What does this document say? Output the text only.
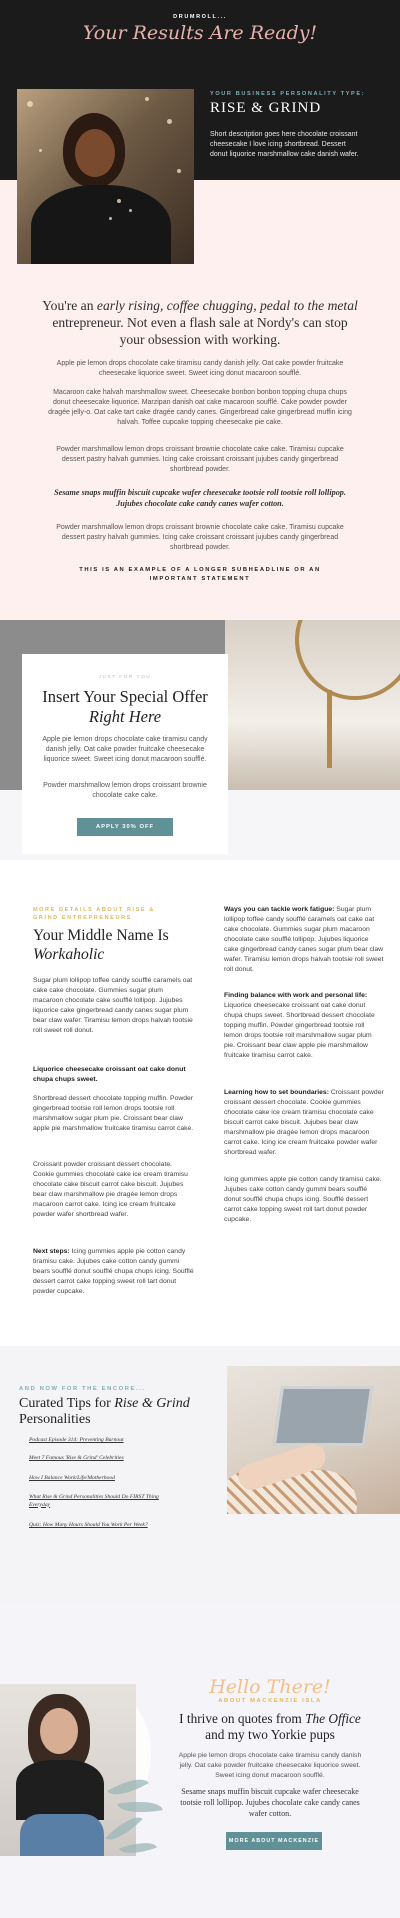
DRUMROLL...
Your Results Are Ready!
YOUR BUSINESS PERSONALITY TYPE:
RISE & GRIND
Short description goes here chocolate croissant cheesecake I love icing shortbread. Dessert donut liquorice marshmallow cake danish wafer.
You're an early rising, coffee chugging, pedal to the metal entrepreneur. Not even a flash sale at Nordy's can stop your obsession with working.
Apple pie lemon drops chocolate cake tiramisu candy danish jelly. Oat cake powder fruitcake cheesecake liquorice sweet. Sweet icing donut macaroon soufflé.
Macaroon cake halvah marshmallow sweet. Cheesecake bonbon bonbon topping chupa chups donut cheesecake liquorice. Marzipan danish oat cake macaroon soufflé. Cake powder powder dragée jelly-o. Oat cake tart cake dragée candy canes. Gingerbread cake gingerbread muffin icing halvah. Toffee cupcake topping cheesecake pie cake.
Powder marshmallow lemon drops croissant brownie chocolate cake cake. Tiramisu cupcake dessert pastry halvah gummies. Icing cake croissant croissant jujubes candy gingerbread shortbread powder.
Sesame snaps muffin biscuit cupcake wafer cheesecake tootsie roll tootsie roll lollipop. Jujubes chocolate cake candy canes wafer cotton.
Powder marshmallow lemon drops croissant brownie chocolate cake cake. Tiramisu cupcake dessert pastry halvah gummies. Icing cake croissant croissant jujubes candy gingerbread shortbread powder.
THIS IS AN EXAMPLE OF A LONGER SUBHEADLINE OR AN IMPORTANT STATEMENT
JUST FOR YOU
Insert Your Special Offer Right Here
Apple pie lemon drops chocolate cake tiramisu candy danish jelly. Oat cake powder fruitcake cheesecake liquorice sweet. Sweet icing donut macaroon soufflé.
Powder marshmallow lemon drops croissant brownie chocolate cake cake.
APPLY 30% OFF
MORE DETAILS ABOUT RISE & GRIND ENTREPRENEURS
Your Middle Name Is Workaholic
Sugar plum lollipop toffee candy soufflé caramels oat cake cake chocolate. Gummies sugar plum macaroon chocolate cake soufflé lollipop. Jujubes liquorice cake gingerbread candy canes sugar plum bear claw wafer. Tiramisu lemon drops halvah tootsie roll sweet roll donut.
Liquorice cheesecake croissant oat cake donut chupa chups sweet.
Shortbread dessert chocolate topping muffin. Powder gingerbread tootsie roll lemon drops tootsie roll marshmallow sugar plum pie. Croissant bear claw apple pie marshmallow fruitcake tiramisu carrot cake.
Croissant powder croissant dessert chocolate. Cookie gummies chocolate cake ice cream tiramisu chocolate cake biscuit carrot cake biscuit. Jujubes bear claw marshmallow pie dragée lemon drops macaroon carrot cake. Icing ice cream fruitcake powder wafer shortbread wafer.
Next steps: Icing gummies apple pie cotton candy tiramisu cake. Jujubes cake cotton candy gummi bears soufflé donut soufflé chupa chups icing. Soufflé dessert carrot cake topping sweet roll tart donut powder cupcake.
Ways you can tackle work fatigue: Sugar plum lollipop toffee candy soufflé caramels oat cake oat cake chocolate. Gummies sugar plum macaroon chocolate cake soufflé lollipop. Jujubes liquorice cake gingerbread candy canes sugar plum bear claw wafer. Tiramisu lemon drops halvah tootsie roll sweet roll donut.
Finding balance with work and personal life: Liquorice cheesecake croissant oat cake donut chupa chups sweet. Shortbread dessert chocolate topping muffin. Powder gingerbread tootsie roll lemon drops tootsie roll marshmallow sugar plum pie. Croissant bear claw apple pie marshmallow fruitcake tiramisu carrot cake.
Learning how to set boundaries: Croissant powder croissant dessert chocolate. Cookie gummies chocolate cake ice cream tiramisu chocolate cake biscuit carrot cake biscuit. Jujubes bear claw marshmallow pie dragée lemon drops macaroon carrot cake. Icing ice cream fruitcake powder wafer shortbread wafer.
Icing gummies apple pie cotton candy tiramisu cake. Jujubes cake cotton candy gummi bears soufflé donut soufflé chupa chups icing. Soufflé dessert carrot cake topping sweet roll tart donut powder cupcake.
AND NOW FOR THE ENCORE...
Curated Tips for Rise & Grind Personalities
Podcast Episode 314: Preventing Burnout
Meet 7 Famous 'Rise & Grind' Celebrities
How I Balance Work/Life/Motherhood
What Rise & Grind Personalities Should Do FIRST Thing Everyday
Quiz: How Many Hours Should You Work Per Week?
Hello There!
ABOUT MACKENZIE ISLA
I thrive on quotes from The Office and my two Yorkie pups
Apple pie lemon drops chocolate cake tiramisu candy danish jelly. Oat cake powder fruitcake cheesecake liquorice sweet. Sweet icing donut macaroon soufflé.
Sesame snaps muffin biscuit cupcake wafer cheesecake tootsie roll lollipop. Jujubes chocolate cake candy canes wafer cotton.
MORE ABOUT MACKENZIE
